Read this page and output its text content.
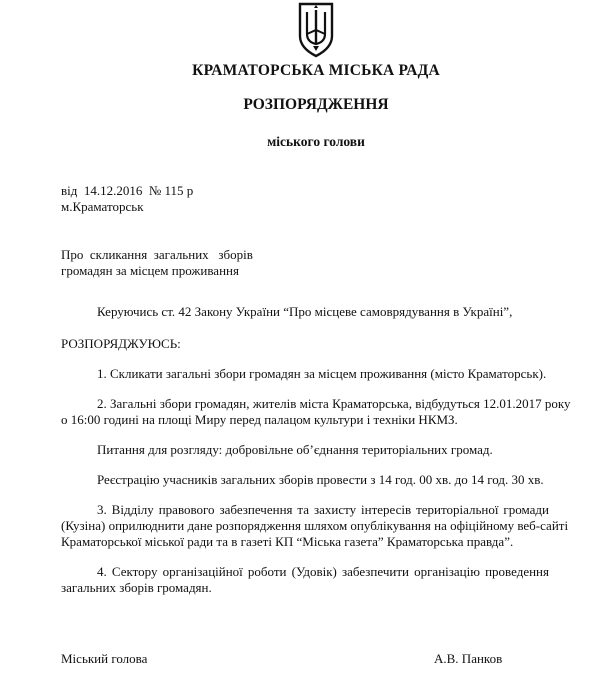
КРАМАТОРСЬКА МІСЬКА РАДА
РОЗПОРЯДЖЕННЯ
міського голови
від  14.12.2016  № 115 р
м.Краматорськ
Про  скликання  загальних   зборів
громадян за місцем проживання
Керуючись ст. 42 Закону України “Про місцеве самоврядування в Україні”,
РОЗПОРЯДЖУЮСЬ:
1. Скликати загальні збори громадян за місцем проживання (місто Краматорськ).
2. Загальні збори громадян, жителів міста Краматорська, відбудуться 12.01.2017 року
о 16:00 годині на площі Миру перед палацом культури і техніки НКМЗ.
Питання для розгляду: добровільне об’єднання територіальних громад.
Реєстрацію учасників загальних зборів провести з 14 год. 00 хв. до 14 год. 30 хв.
3. Відділу правового забезпечення та захисту інтересів територіальної громади
(Кузіна) оприлюднити дане розпорядження шляхом опублікування на офіційному веб-сайті
Краматорської міської ради та в газеті КП “Міська газета” Краматорська правда”.
4. Сектору організаційної роботи (Удовік) забезпечити організацію проведення
загальних зборів громадян.
Міський голова	А.В. Панков
